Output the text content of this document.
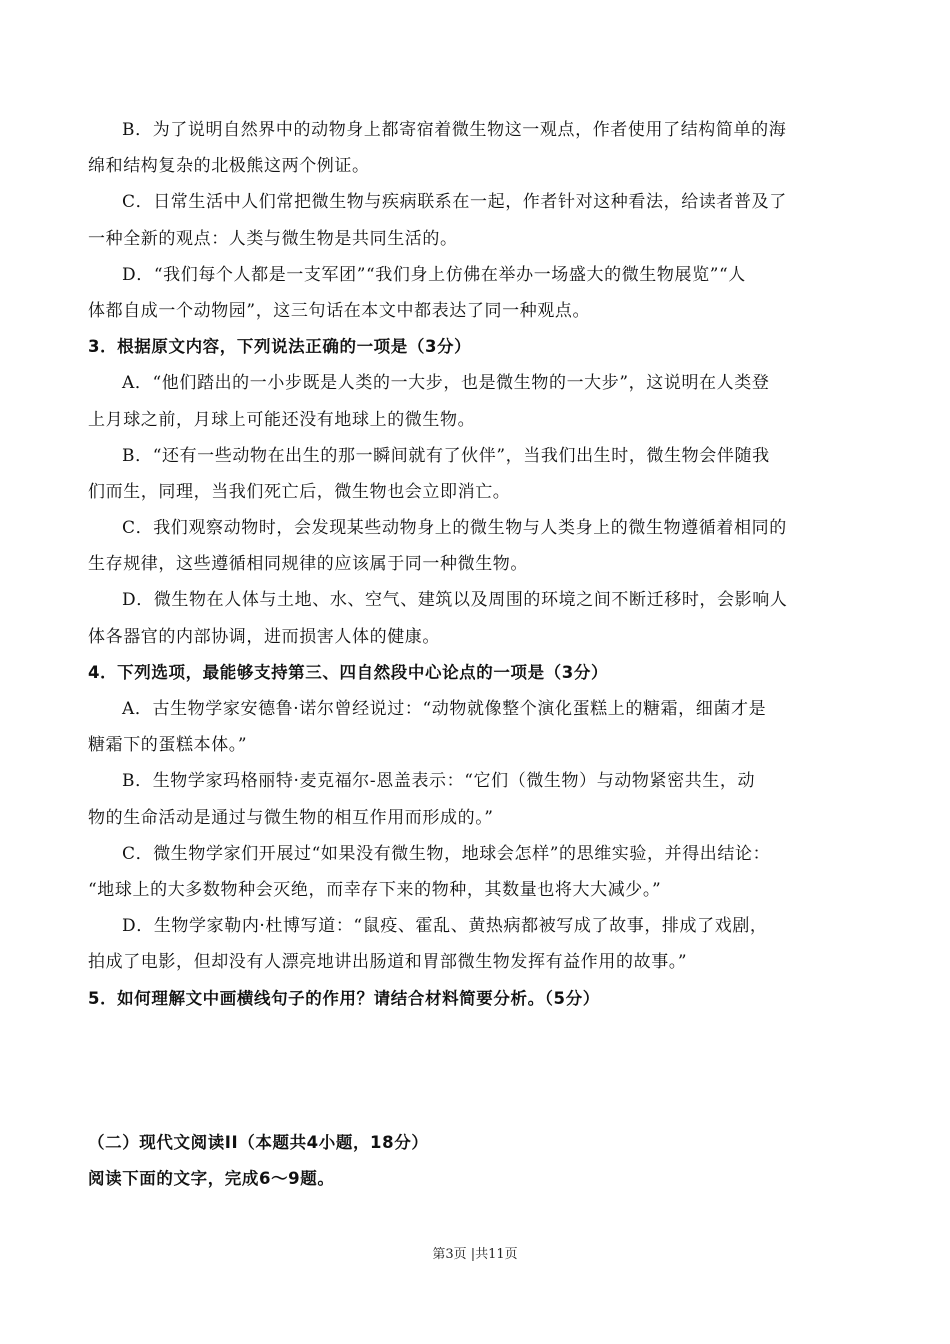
B．为了说明自然界中的动物身上都寄宿着微生物这一观点，作者使用了结构简单的海
绵和结构复杂的北极熊这两个例证。
C．日常生活中人们常把微生物与疾病联系在一起，作者针对这种看法，给读者普及了
一种全新的观点：人类与微生物是共同生活的。
D．“我们每个人都是一支军团”“我们身上仿佛在举办一场盛大的微生物展览”“人
体都自成一个动物园”，这三句话在本文中都表达了同一种观点。
3．根据原文内容，下列说法正确的一项是（3分）
A．“他们踏出的一小步既是人类的一大步，也是微生物的一大步”，这说明在人类登
上月球之前，月球上可能还没有地球上的微生物。
B．“还有一些动物在出生的那一瞬间就有了伙伴”，当我们出生时，微生物会伴随我
们而生，同理，当我们死亡后，微生物也会立即消亡。
C．我们观察动物时，会发现某些动物身上的微生物与人类身上的微生物遵循着相同的
生存规律，这些遵循相同规律的应该属于同一种微生物。
D．微生物在人体与土地、水、空气、建筑以及周围的环境之间不断迁移时，会影响人
体各器官的内部协调，进而损害人体的健康。
4．下列选项，最能够支持第三、四自然段中心论点的一项是（3分）
A．古生物学家安德鲁·诺尔曾经说过：“动物就像整个演化蛋糕上的糖霜，细菌才是
糖霜下的蛋糕本体。”
B．生物学家玛格丽特·麦克福尔-恩盖表示：“它们（微生物）与动物紧密共生，动
物的生命活动是通过与微生物的相互作用而形成的。”
C．微生物学家们开展过“如果没有微生物，地球会怎样”的思维实验，并得出结论：
“地球上的大多数物种会灭绝，而幸存下来的物种，其数量也将大大减少。”
D．生物学家勒内·杜博写道：“鼠疫、霍乱、黄热病都被写成了故事，排成了戏剧，
拍成了电影，但却没有人漂亮地讲出肠道和胃部微生物发挥有益作用的故事。”
5．如何理解文中画横线句子的作用？请结合材料简要分析。（5分）
（二）现代文阅读II（本题共4小题，18分）
阅读下面的文字，完成6～9题。
第3页 |共11页
